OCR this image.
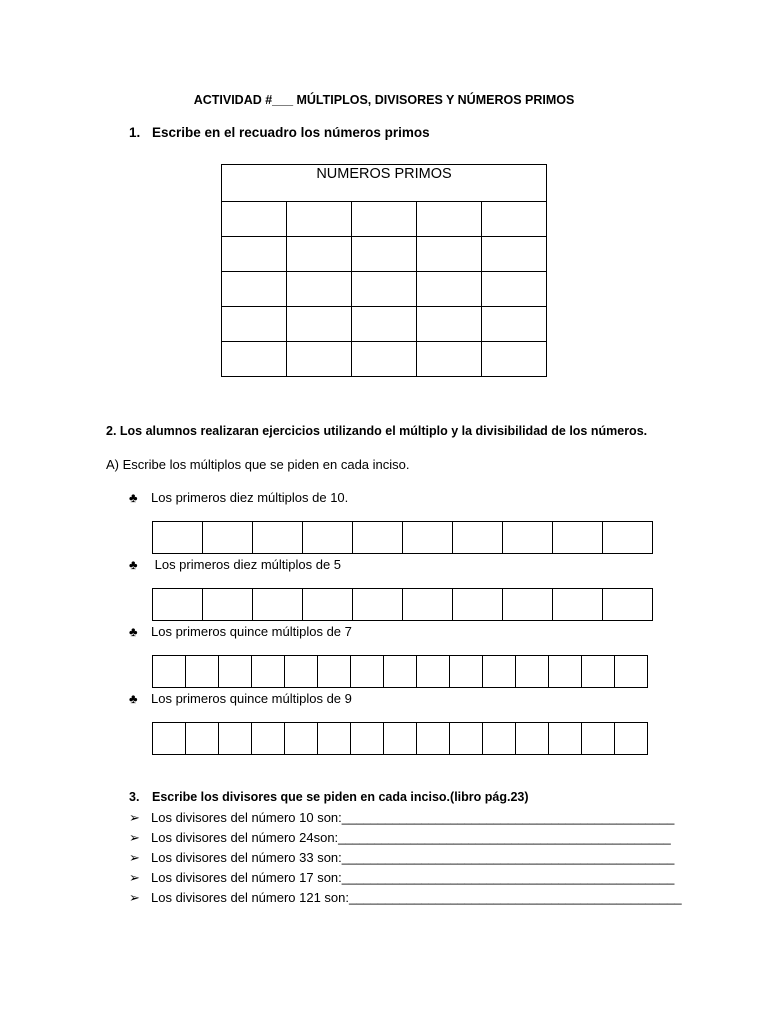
ACTIVIDAD #___ MÚLTIPLOS, DIVISORES Y NÚMEROS PRIMOS
1. Escribe en el recuadro los números primos
NUMEROS PRIMOS				

2. Los alumnos realizaran ejercicios utilizando el múltiplo y la divisibilidad de los números.
A) Escribe los múltiplos que se piden en cada inciso.
♣ Los primeros diez múltiplos de 10.

♣ Los primeros diez múltiplos de 5

♣ Los primeros quince múltiplos de 7

♣ Los primeros quince múltiplos de 9

3. Escribe los divisores que se piden en cada inciso.(libro pág.23)
➢ Los divisores del número 10 son:______________________________________________
➢ Los divisores del número 24son:______________________________________________
➢ Los divisores del número 33 son:______________________________________________
➢ Los divisores del número 17 son:______________________________________________
➢ Los divisores del número 121 son:______________________________________________
